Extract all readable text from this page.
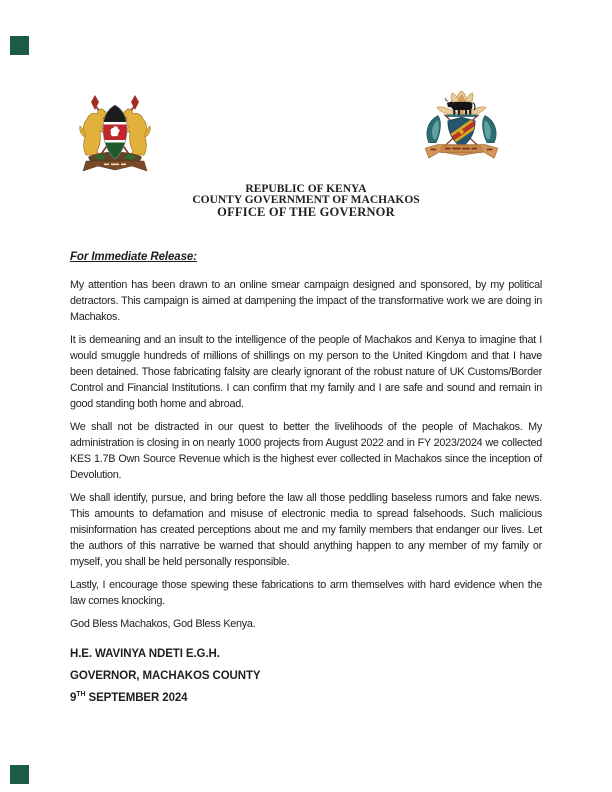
REPUBLIC OF KENYA
COUNTY GOVERNMENT OF MACHAKOS
OFFICE OF THE GOVERNOR
For Immediate Release:

My attention has been drawn to an online smear campaign designed and sponsored, by my political detractors. This campaign is aimed at dampening the impact of the transformative work we are doing in Machakos.

It is demeaning and an insult to the intelligence of the people of Machakos and Kenya to imagine that I would smuggle hundreds of millions of shillings on my person to the United Kingdom and that I have been detained. Those fabricating falsity are clearly ignorant of the robust nature of UK Customs/Border Control and Financial Institutions. I can confirm that my family and I are safe and sound and remain in good standing both home and abroad.

We shall not be distracted in our quest to better the livelihoods of the people of Machakos. My administration is closing in on nearly 1000 projects from August 2022 and in FY 2023/2024 we collected KES 1.7B Own Source Revenue which is the highest ever collected in Machakos since the inception of Devolution.

We shall identify, pursue, and bring before the law all those peddling baseless rumors and fake news. This amounts to defamation and misuse of electronic media to spread falsehoods. Such malicious misinformation has created perceptions about me and my family members that endanger our lives. Let the authors of this narrative be warned that should anything happen to any member of my family or myself, you shall be held personally responsible.

Lastly, I encourage those spewing these fabrications to arm themselves with hard evidence when the law comes knocking.

God Bless Machakos, God Bless Kenya.

H.E. WAVINYA NDETI E.G.H.

GOVERNOR, MACHAKOS COUNTY

9TH SEPTEMBER 2024
